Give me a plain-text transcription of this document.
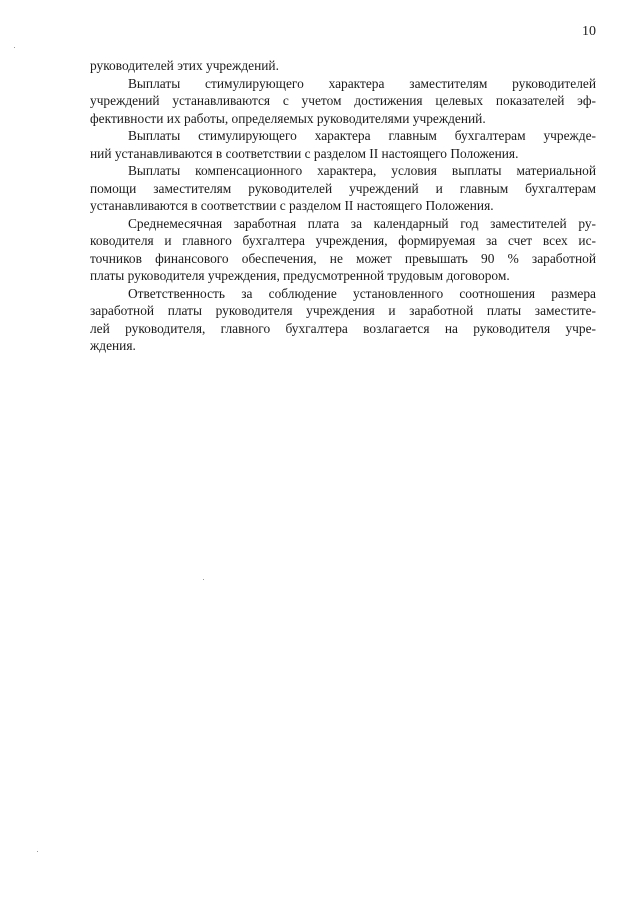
10
руководителей этих учреждений.
Выплаты стимулирующего характера заместителям руководителей
учреждений устанавливаются с учетом достижения целевых показателей эф-
фективности их работы, определяемых руководителями учреждений.
Выплаты стимулирующего характера главным бухгалтерам учрежде-
ний устанавливаются в соответствии с разделом II настоящего Положения.
Выплаты компенсационного характера, условия выплаты материальной
помощи заместителям руководителей учреждений и главным бухгалтерам
устанавливаются в соответствии с разделом II настоящего Положения.
Среднемесячная заработная плата за календарный год заместителей ру-
ководителя и главного бухгалтера учреждения, формируемая за счет всех ис-
точников финансового обеспечения, не может превышать 90 % заработной
платы руководителя учреждения, предусмотренной трудовым договором.
Ответственность за соблюдение установленного соотношения размера
заработной платы руководителя учреждения и заработной платы заместите-
лей руководителя, главного бухгалтера возлагается на руководителя учре-
ждения.
